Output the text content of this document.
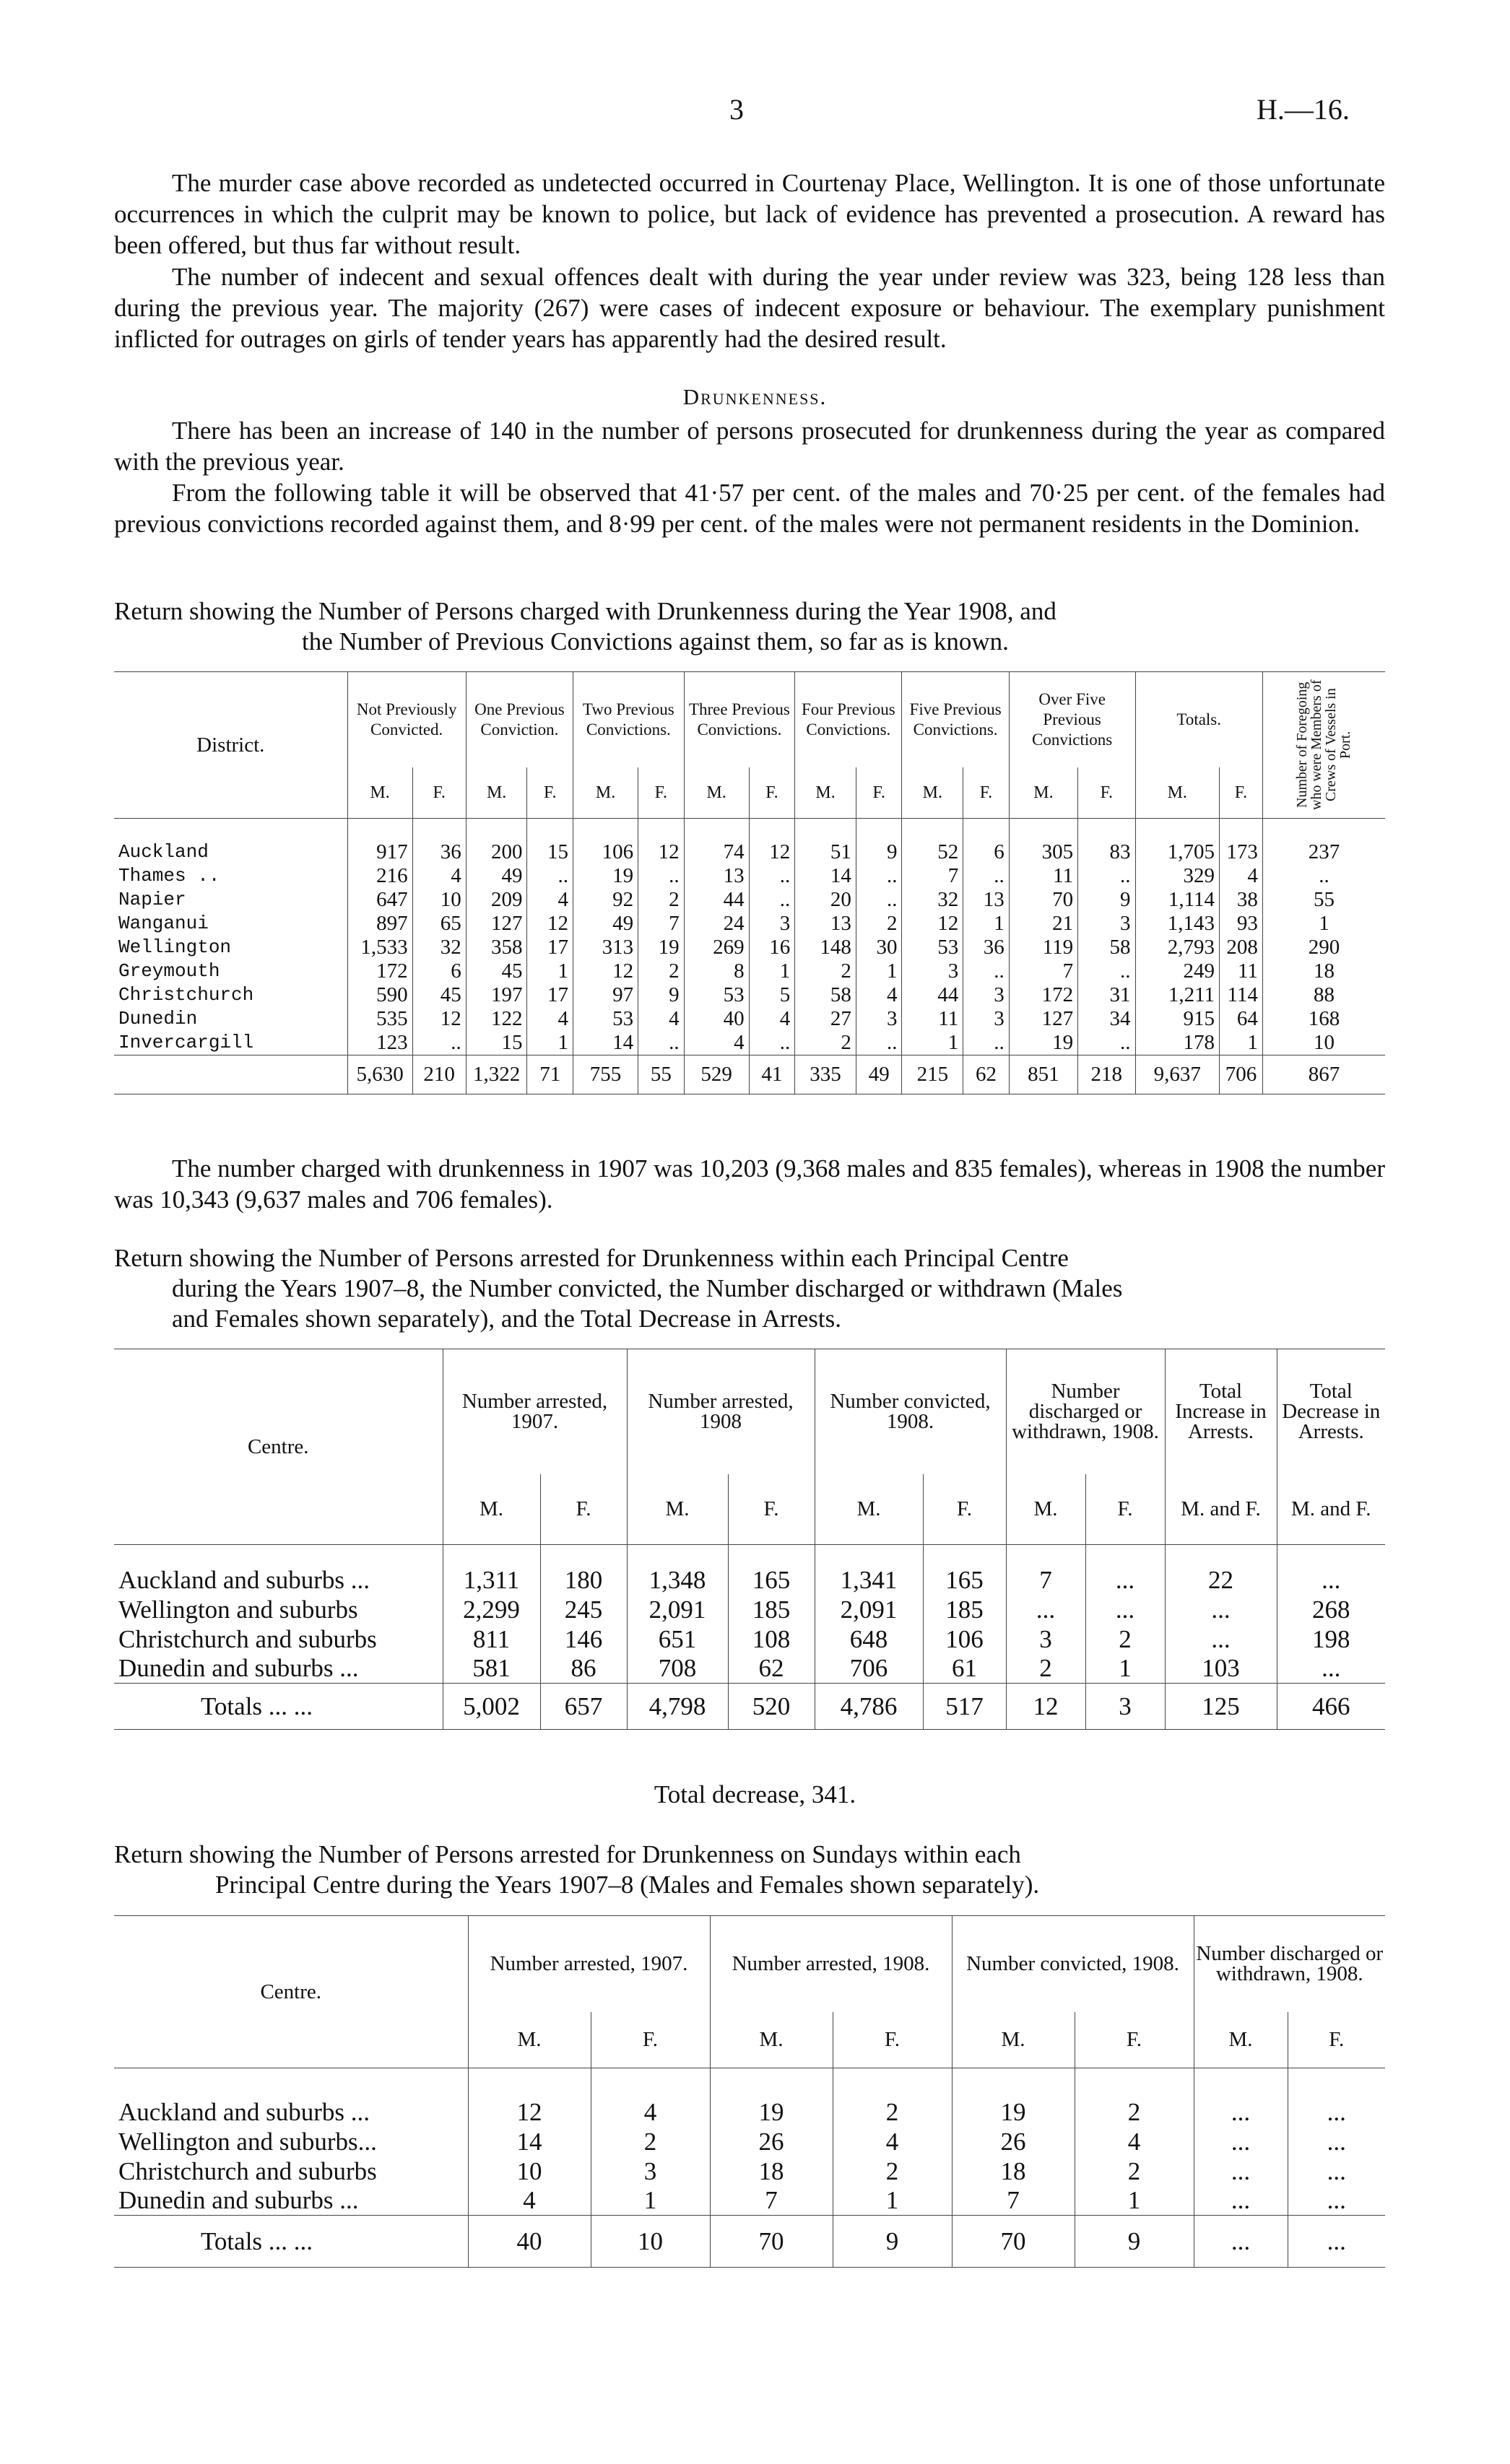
3	H.—16.

The murder case above recorded as undetected occurred in Courtenay Place, Wellington. It is one of those unfortunate occurrences in which the culprit may be known to police, but lack of evidence has prevented a prosecution. A reward has been offered, but thus far without result.

The number of indecent and sexual offences dealt with during the year under review was 323, being 128 less than during the previous year. The majority (267) were cases of indecent exposure or behaviour. The exemplary punishment inflicted for outrages on girls of tender years has apparently had the desired result.

Drunkenness.

There has been an increase of 140 in the number of persons prosecuted for drunkenness during the year as compared with the previous year.

From the following table it will be observed that 41·57 per cent. of the males and 70·25 per cent. of the females had previous convictions recorded against them, and 8·99 per cent. of the males were not permanent residents in the Dominion.

Return showing the Number of Persons charged with Drunkenness during the Year 1908, and
the Number of Previous Convictions against them, so far as is known.
District.	Not Previously Convicted.		One Previous Conviction.		Two Previous Convictions.		Three Previous Convictions.		Four Previous Convictions.		Five Previous Convictions.		Over Five Previous Convictions		Totals.		Number of Foregoing who were Members of Crews of Vessels in Port.

	M.	F.	M.	F.	M.	F.	M.	F.	M.	F.	M.	F.	M.	F.	M.	F.	

Auckland	917	36	200	15	106	12	74	12	51	9	52	6	305	83	1,705	173	237
Thames ..	216	4	49	..	19	..	13	..	14	..	7	..	11	..	329	4	..
Napier	647	10	209	4	92	2	44	..	20	..	32	13	70	9	1,114	38	55
Wanganui	897	65	127	12	49	7	24	3	13	2	12	1	21	3	1,143	93	1
Wellington	1,533	32	358	17	313	19	269	16	148	30	53	36	119	58	2,793	208	290
Greymouth	172	6	45	1	12	2	8	1	2	1	3	..	7	..	249	11	18
Christchurch	590	45	197	17	97	9	53	5	58	4	44	3	172	31	1,211	114	88
Dunedin	535	12	122	4	53	4	40	4	27	3	11	3	127	34	915	64	168
Invercargill	123	..	15	1	14	..	4	..	2	..	1	..	19	..	178	1	10
	5,630	210	1,322	71	755	55	529	41	335	49	215	62	851	218	9,637	706	867

The number charged with drunkenness in 1907 was 10,203 (9,368 males and 835 females), whereas in 1908 the number was 10,343 (9,637 males and 706 females).

Return showing the Number of Persons arrested for Drunkenness within each Principal Centre
during the Years 1907–8, the Number convicted, the Number discharged or withdrawn (Males
and Females shown separately), and the Total Decrease in Arrests.
Centre.	Number arrested, 1907.		Number arrested, 1908		Number convicted, 1908.		Number discharged or withdrawn, 1908.		Total Increase in Arrests.	Total Decrease in Arrests.
	M.	F.	M.	F.	M.	F.	M.	F.	M. and F.	M. and F.

Auckland and suburbs ...	1,311	180	1,348	165	1,341	165	7	...	22	...
Wellington and suburbs	2,299	245	2,091	185	2,091	185	...	...	...	268
Christchurch and suburbs	811	146	651	108	648	106	3	2	...	198
Dunedin and suburbs ...	581	86	708	62	706	61	2	1	103	...
Totals ... ...	5,002	657	4,798	520	4,786	517	12	3	125	466
Total decrease, 341.
Return showing the Number of Persons arrested for Drunkenness on Sundays within each
Principal Centre during the Years 1907–8 (Males and Females shown separately).
Centre.	Number arrested, 1907.		Number arrested, 1908.		Number convicted, 1908.		Number discharged or withdrawn, 1908.	
	M.	F.	M.	F.	M.	F.	M.	F.

Auckland and suburbs ...	12	4	19	2	19	2	...	...
Wellington and suburbs...	14	2	26	4	26	4	...	...
Christchurch and suburbs	10	3	18	2	18	2	...	...
Dunedin and suburbs ...	4	1	7	1	7	1	...	...
Totals ... ...	40	10	70	9	70	9	...	...
